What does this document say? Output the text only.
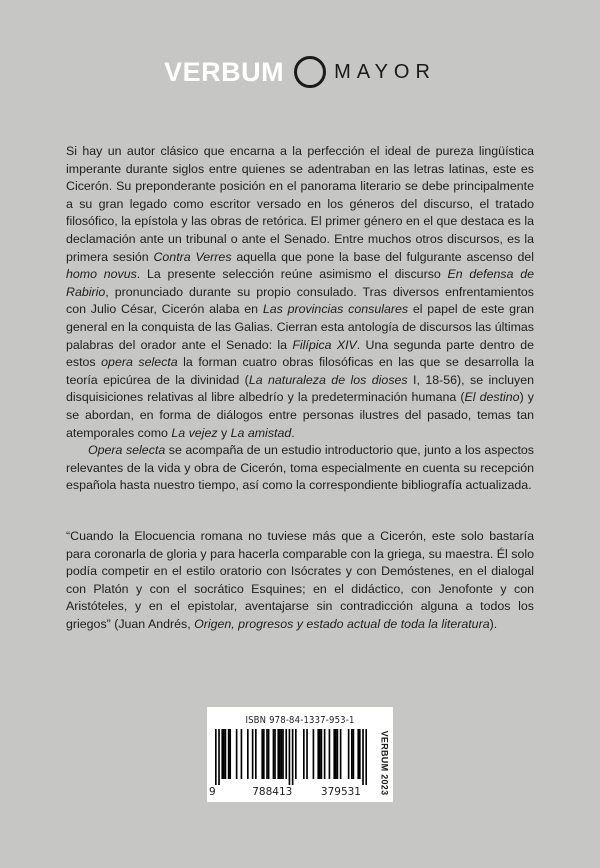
VERBUM	MAYOR

Si hay un autor clásico que encarna a la perfección el ideal de pureza lingüística imperante durante siglos entre quienes se adentraban en las letras latinas, este es Cicerón. Su preponderante posición en el panorama literario se debe principalmente a su gran legado como escritor versado en los géneros del discurso, el tratado filosófico, la epístola y las obras de retórica. El primer género en el que destaca es la declamación ante un tribunal o ante el Senado. Entre muchos otros discursos, es la primera sesión Contra Verres aquella que pone la base del fulgurante ascenso del homo novus. La presente selección reúne asimismo el discurso En defensa de Rabirio, pronunciado durante su propio consulado. Tras diversos enfrentamientos con Julio César, Cicerón alaba en Las provincias consulares el papel de este gran general en la conquista de las Galias. Cierran esta antología de discursos las últimas palabras del orador ante el Senado: la Filípica XIV. Una segunda parte dentro de estos opera selecta la forman cuatro obras filosóficas en las que se desarrolla la teoría epicúrea de la divinidad (La naturaleza de los dioses I, 18-56), se incluyen disquisiciones relativas al libre albedrío y la predeterminación humana (El destino) y se abordan, en forma de diálogos entre personas ilustres del pasado, temas tan atemporales como La vejez y La amistad.

Opera selecta se acompaña de un estudio introductorio que, junto a los aspectos relevantes de la vida y obra de Cicerón, toma especialmente en cuenta su recepción española hasta nuestro tiempo, así como la correspondiente bibliografía actualizada.

“Cuando la Elocuencia romana no tuviese más que a Cicerón, este solo bastaría para coronarla de gloria y para hacerla comparable con la griega, su maestra. Él solo podía competir en el estilo oratorio con Isócrates y con Demóstenes, en el dialogal con Platón y con el socrático Esquines; en el didáctico, con Jenofonte y con Aristóteles, y en el epistolar, aventajarse sin contradicción alguna a todos los griegos” (Juan Andrés, Origen, progresos y estado actual de toda la literatura).

ISBN 978-84-1337-953-1
9	788413	379531 VERBUM 2023
